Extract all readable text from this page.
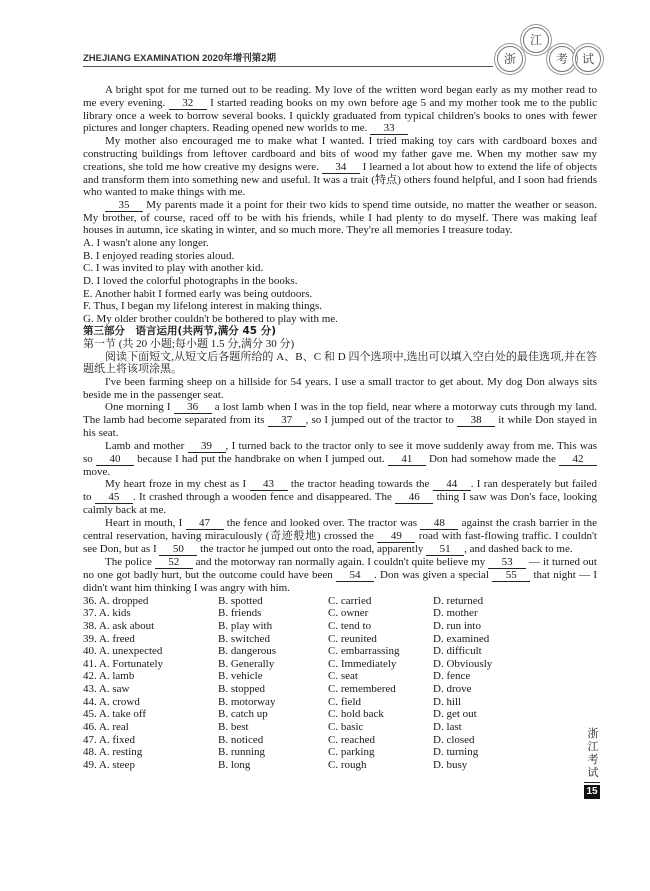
ZHEJIANG EXAMINATION 2020年增刊第2期	浙
江
考	试

A bright spot for me turned out to be reading. My love of the written word began early as my mother read to me every evening. 32 I started reading books on my own before age 5 and my mother took me to the public library once a week to borrow several books. I quickly graduated from typical children's books to ones with fewer pictures and longer chapters. Reading opened new worlds to me. 33

My mother also encouraged me to make what I wanted. I tried making toy cars with cardboard boxes and constructing buildings from leftover cardboard and bits of wood my father gave me. When my mother saw my creations, she told me how creative my designs were. 34 I learned a lot about how to extend the life of objects and transform them into something new and useful. It was a trait (特点) others found helpful, and I soon had friends who wanted to make things with me.

35 My parents made it a point for their two kids to spend time outside, no matter the weather or season. My brother, of course, raced off to be with his friends, while I had plenty to do myself. There was making leaf houses in autumn, ice skating in winter, and so much more. They're all memories I treasure today.

A. I wasn't alone any longer.

B. I enjoyed reading stories aloud.

C. I was invited to play with another kid.

D. I loved the colorful photographs in the books.

E. Another habit I formed early was being outdoors.

F. Thus, I began my lifelong interest in making things.

G. My older brother couldn't be bothered to play with me.

第三部分　语言运用(共两节,满分 45 分)

第一节 (共 20 小题;每小题 1.5 分,满分 30 分)

阅读下面短文,从短文后各题所给的 A、B、C 和 D 四个选项中,选出可以填入空白处的最佳选项,并在答题纸上将该项涂黑。

I've been farming sheep on a hillside for 54 years. I use a small tractor to get about. My dog Don always sits beside me in the passenger seat.

One morning I 36 a lost lamb when I was in the top field, near where a motorway cuts through my land. The lamb had become separated from its 37 , so I jumped out of the tractor to 38 it while Don stayed in his seat.

Lamb and mother 39 , I turned back to the tractor only to see it move suddenly away from me. This was so 40 because I had put the handbrake on when I jumped out. 41 Don had somehow made the 42 move.

My heart froze in my chest as I 43 the tractor heading towards the 44 . I ran desperately but failed to 45 . It crashed through a wooden fence and disappeared. The 46 thing I saw was Don's face, looking calmly back at me.

Heart in mouth, I 47 the fence and looked over. The tractor was 48 against the crash barrier in the central reservation, having miraculously (奇迹般地) crossed the 49 road with fast-flowing traffic. I couldn't see Don, but as I 50 the tractor he jumped out onto the road, apparently 51 , and dashed back to me.

The police 52 and the motorway ran normally again. I couldn't quite believe my 53 — it turned out no one got badly hurt, but the outcome could have been 54 . Don was given a special 55 that night — I didn't want him thinking I was angry with him.

36. A. dropped	B. spotted	C. carried	D. returned
37. A. kids	B. friends	C. owner	D. mother
38. A. ask about	B. play with	C. tend to	D. run into
39. A. freed	B. switched	C. reunited	D. examined
40. A. unexpected	B. dangerous	C. embarrassing	D. difficult
41. A. Fortunately	B. Generally	C. Immediately	D. Obviously
42. A. lamb	B. vehicle	C. seat	D. fence
43. A. saw	B. stopped	C. remembered	D. drove
44. A. crowd	B. motorway	C. field	D. hill
45. A. take off	B. catch up	C. hold back	D. get out
46. A. real	B. best	C. basic	D. last
47. A. fixed	B. noticed	C. reached	D. closed
48. A. resting	B. running	C. parking	D. turning
49. A. steep	B. long	C. rough	D. busy
浙江考试
15
